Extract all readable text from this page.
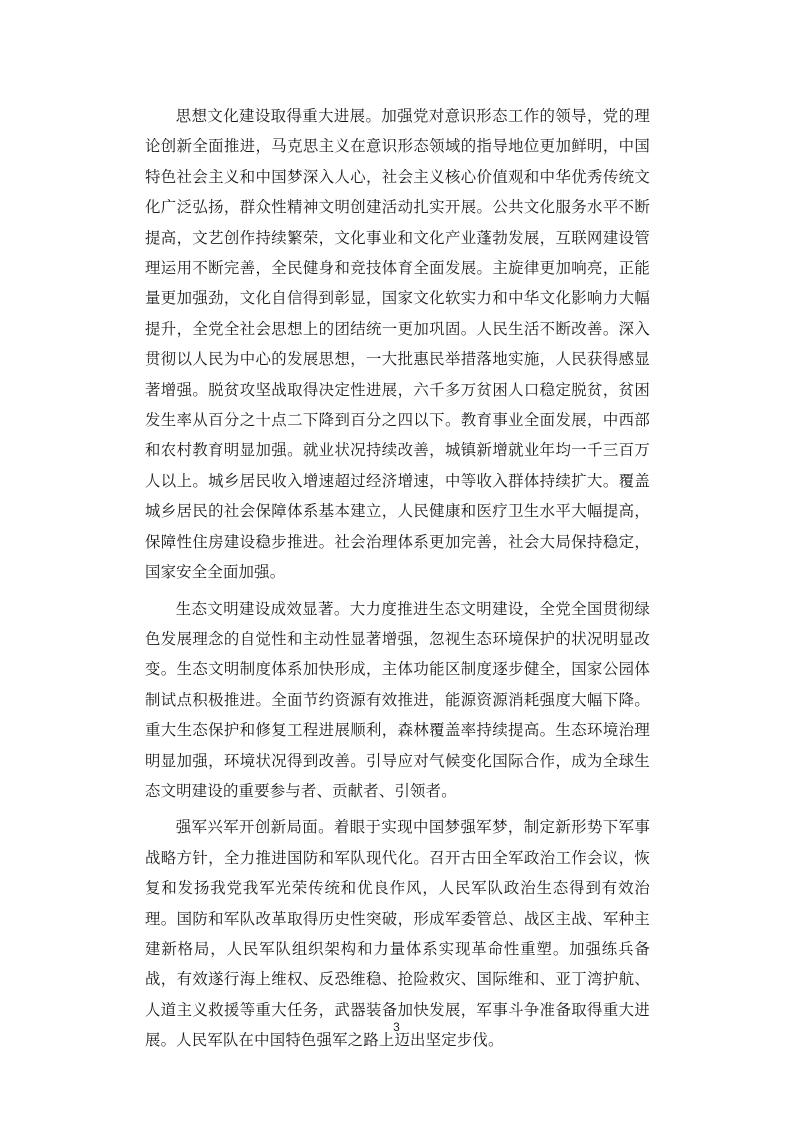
思想文化建设取得重大进展。加强党对意识形态工作的领导，党的理论创新全面推进，马克思主义在意识形态领域的指导地位更加鲜明，中国特色社会主义和中国梦深入人心，社会主义核心价值观和中华优秀传统文化广泛弘扬，群众性精神文明创建活动扎实开展。公共文化服务水平不断提高，文艺创作持续繁荣，文化事业和文化产业蓬勃发展，互联网建设管理运用不断完善，全民健身和竞技体育全面发展。主旋律更加响亮，正能量更加强劲，文化自信得到彰显，国家文化软实力和中华文化影响力大幅提升，全党全社会思想上的团结统一更加巩固。人民生活不断改善。深入贯彻以人民为中心的发展思想，一大批惠民举措落地实施，人民获得感显著增强。脱贫攻坚战取得决定性进展，六千多万贫困人口稳定脱贫，贫困发生率从百分之十点二下降到百分之四以下。教育事业全面发展，中西部和农村教育明显加强。就业状况持续改善，城镇新增就业年均一千三百万人以上。城乡居民收入增速超过经济增速，中等收入群体持续扩大。覆盖城乡居民的社会保障体系基本建立，人民健康和医疗卫生水平大幅提高，保障性住房建设稳步推进。社会治理体系更加完善，社会大局保持稳定，国家安全全面加强。

生态文明建设成效显著。大力度推进生态文明建设，全党全国贯彻绿色发展理念的自觉性和主动性显著增强，忽视生态环境保护的状况明显改变。生态文明制度体系加快形成，主体功能区制度逐步健全，国家公园体制试点积极推进。全面节约资源有效推进，能源资源消耗强度大幅下降。重大生态保护和修复工程进展顺利，森林覆盖率持续提高。生态环境治理明显加强，环境状况得到改善。引导应对气候变化国际合作，成为全球生态文明建设的重要参与者、贡献者、引领者。

强军兴军开创新局面。着眼于实现中国梦强军梦，制定新形势下军事战略方针，全力推进国防和军队现代化。召开古田全军政治工作会议，恢复和发扬我党我军光荣传统和优良作风，人民军队政治生态得到有效治理。国防和军队改革取得历史性突破，形成军委管总、战区主战、军种主建新格局，人民军队组织架构和力量体系实现革命性重塑。加强练兵备战，有效遂行海上维权、反恐维稳、抢险救灾、国际维和、亚丁湾护航、人道主义救援等重大任务，武器装备加快发展，军事斗争准备取得重大进展。人民军队在中国特色强军之路上迈出坚定步伐。

3
